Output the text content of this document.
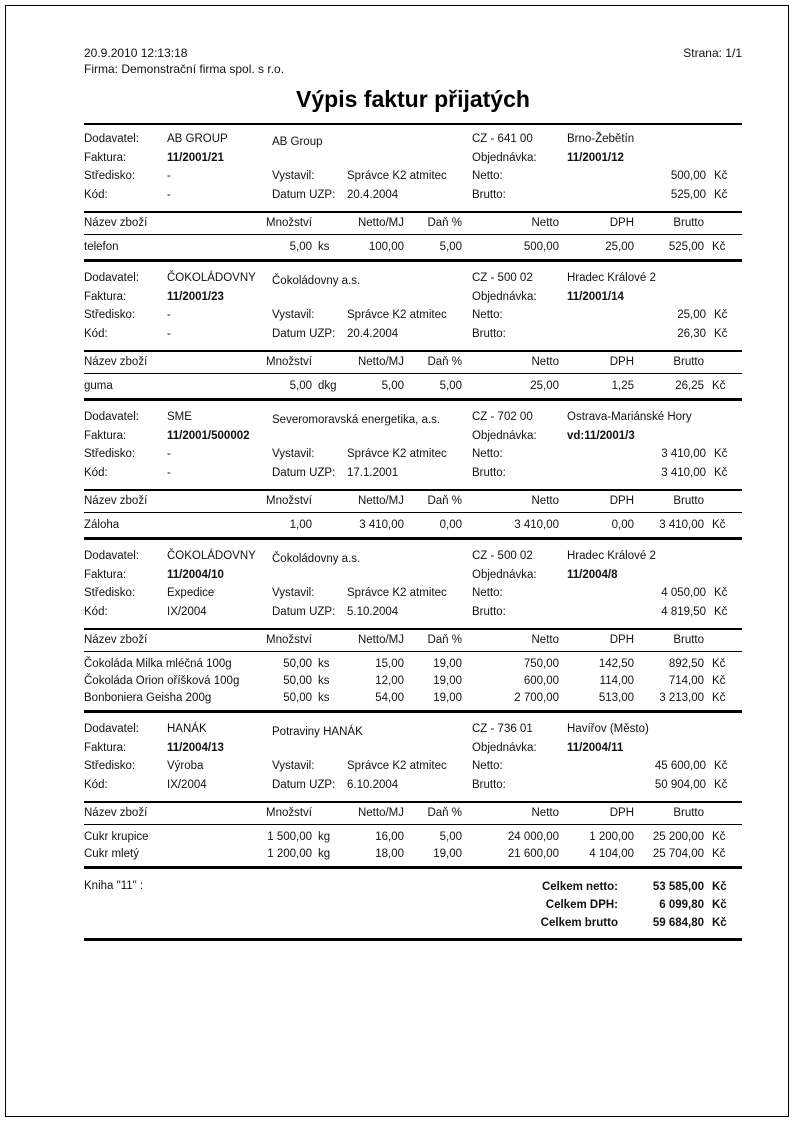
20.9.2010 12:13:18	Strana: 1/1
Firma: Demonstrační firma spol. s r.o.
Výpis faktur přijatých
Dodavatel:	AB GROUP	AB Group	CZ - 641 00	Brno-Žebětín
Faktura:	11/2001/21	Objednávka:	11/2001/12
Středisko:	-	Vystavil:	Správce K2 atmitec	Netto:	500,00 Kč
Kód:	-	Datum UZP:	20.4.2004	Brutto:	525,00 Kč
Název zboží	Množství	Netto/MJ	Daň %	Netto	DPH	Brutto
telefon	5,00 ks	100,00	5,00	500,00	25,00	525,00 Kč
Dodavatel:	ČOKOLÁDOVNY	Čokoládovny a.s.	CZ - 500 02	Hradec Králové 2
Faktura:	11/2001/23	Objednávka:	11/2001/14
Středisko:	-	Vystavil:	Správce K2 atmitec	Netto:	25,00 Kč
Kód:	-	Datum UZP:	20.4.2004	Brutto:	26,30 Kč
Název zboží	Množství	Netto/MJ	Daň %	Netto	DPH	Brutto
guma	5,00 dkg	5,00	5,00	25,00	1,25	26,25 Kč
Dodavatel:	SME	Severomoravská energetika, a.s.	CZ - 702 00	Ostrava-Mariánské Hory
Faktura:	11/2001/500002	Objednávka:	vd:11/2001/3
Středisko:	-	Vystavil:	Správce K2 atmitec	Netto:	3 410,00 Kč
Kód:	-	Datum UZP:	17.1.2001	Brutto:	3 410,00 Kč
Název zboží	Množství	Netto/MJ	Daň %	Netto	DPH	Brutto
Záloha	1,00	3 410,00	0,00	3 410,00	0,00	3 410,00 Kč
Dodavatel:	ČOKOLÁDOVNY	Čokoládovny a.s.	CZ - 500 02	Hradec Králové 2
Faktura:	11/2004/10	Objednávka:	11/2004/8
Středisko:	Expedice	Vystavil:	Správce K2 atmitec	Netto:	4 050,00 Kč
Kód:	IX/2004	Datum UZP:	5.10.2004	Brutto:	4 819,50 Kč
Název zboží	Množství	Netto/MJ	Daň %	Netto	DPH	Brutto
Čokoláda Milka mléčná 100g	50,00 ks	15,00	19,00	750,00	142,50	892,50 Kč
Čokoláda Orion oříšková 100g	50,00 ks	12,00	19,00	600,00	114,00	714,00 Kč
Bonboniera Geisha 200g	50,00 ks	54,00	19,00	2 700,00	513,00	3 213,00 Kč
Dodavatel:	HANÁK	Potraviny HANÁK	CZ - 736 01	Havířov (Město)
Faktura:	11/2004/13	Objednávka:	11/2004/11
Středisko:	Výroba	Vystavil:	Správce K2 atmitec	Netto:	45 600,00 Kč
Kód:	IX/2004	Datum UZP:	6.10.2004	Brutto:	50 904,00 Kč
Název zboží	Množství	Netto/MJ	Daň %	Netto	DPH	Brutto
Cukr krupice	1 500,00 kg	16,00	5,00	24 000,00	1 200,00	25 200,00 Kč
Cukr mletý	1 200,00 kg	18,00	19,00	21 600,00	4 104,00	25 704,00 Kč
Kniha "11" :	Celkem netto:	53 585,00 Kč
Celkem DPH:	6 099,80 Kč
Celkem brutto	59 684,80 Kč
